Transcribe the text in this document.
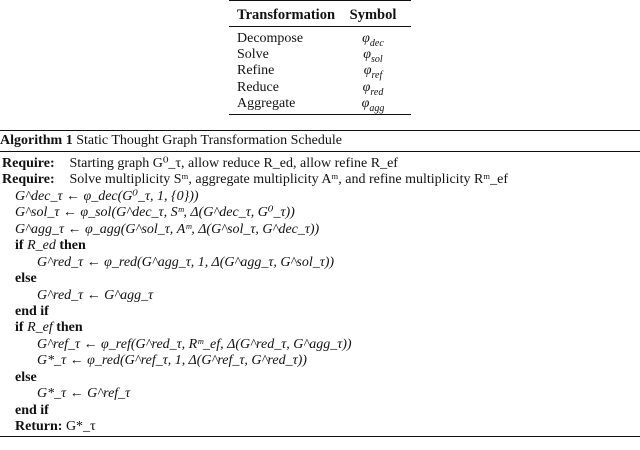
Transformation	Symbol
Decompose	$\varphi_{dec}$
Solve	$\varphi_{sol}$
Refine	$\varphi_{ref}$
Reduce	$\varphi_{red}$
Aggregate	$\varphi_{agg}$
Algorithm 1 Static Thought Graph Transformation Schedule
Require: Starting graph G⁰_τ, allow reduce R_ed, allow refine R_ef
Require: Solve multiplicity Sᵐ, aggregate multiplicity Aᵐ, and refine multiplicity Rᵐ_ef
G^dec_τ ← φ_dec(G⁰_τ, 1, {0}))
G^sol_τ ← φ_sol(G^dec_τ, Sᵐ, Δ(G^dec_τ, G⁰_τ))
G^agg_τ ← φ_agg(G^sol_τ, Aᵐ, Δ(G^sol_τ, G^dec_τ))
if R_ed then
G^red_τ ← φ_red(G^agg_τ, 1, Δ(G^agg_τ, G^sol_τ))
else
G^red_τ ← G^agg_τ
end if
if R_ef then
G^ref_τ ← φ_ref(G^red_τ, Rᵐ_ef, Δ(G^red_τ, G^agg_τ))
G*_τ ← φ_red(G^ref_τ, 1, Δ(G^ref_τ, G^red_τ))
else
G*_τ ← G^ref_τ
end if
Return: G*_τ
